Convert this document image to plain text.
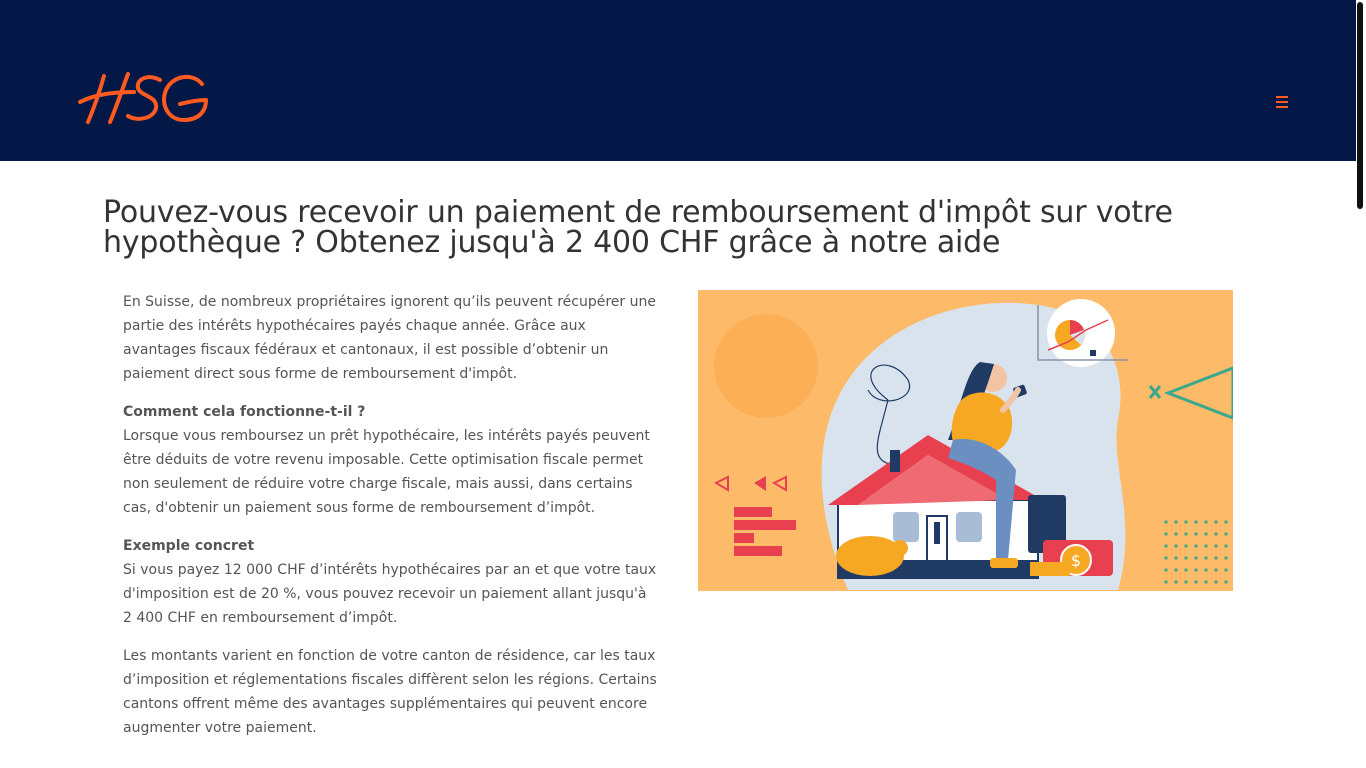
Pouvez-vous recevoir un paiement de remboursement d'impôt sur votre hypothèque ? Obtenez jusqu'à 2 400 CHF grâce à notre aide

En Suisse, de nombreux propriétaires ignorent qu’ils peuvent récupérer une partie des intérêts hypothécaires payés chaque année. Grâce aux avantages fiscaux fédéraux et cantonaux, il est possible d’obtenir un paiement direct sous forme de remboursement d'impôt.

Comment cela fonctionne-t-il ?
Lorsque vous remboursez un prêt hypothécaire, les intérêts payés peuvent être déduits de votre revenu imposable. Cette optimisation fiscale permet non seulement de réduire votre charge fiscale, mais aussi, dans certains cas, d'obtenir un paiement sous forme de remboursement d’impôt.

Exemple concret
Si vous payez 12 000 CHF d’intérêts hypothécaires par an et que votre taux d'imposition est de 20 %, vous pouvez recevoir un paiement allant jusqu'à 2 400 CHF en remboursement d’impôt.

Les montants varient en fonction de votre canton de résidence, car les taux d’imposition et réglementations fiscales diffèrent selon les régions. Certains cantons offrent même des avantages supplémentaires qui peuvent encore augmenter votre paiement.

$
